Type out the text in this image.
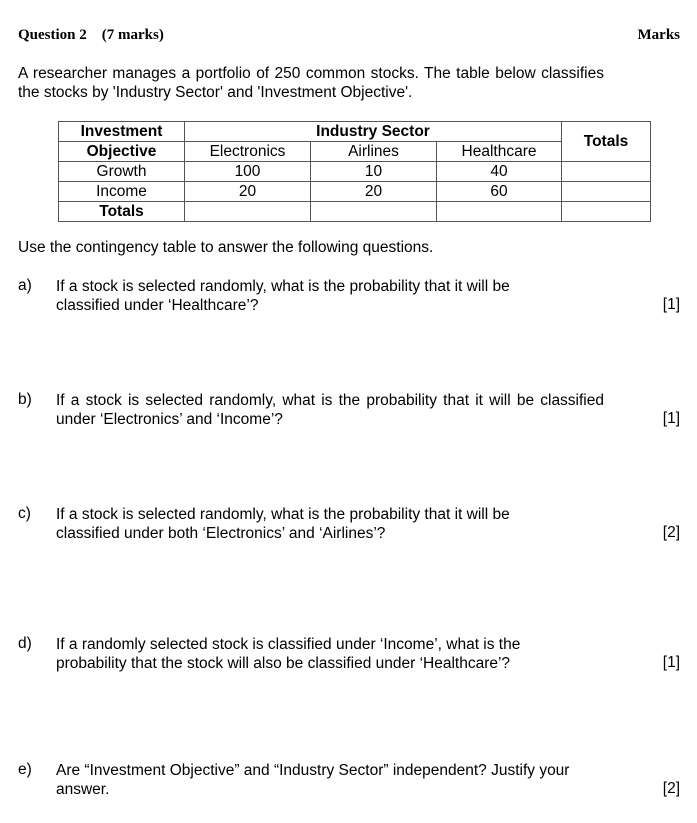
Question 2 (7 marks)	Marks
A researcher manages a portfolio of 250 common stocks. The table below classifies the stocks by 'Industry Sector' and 'Investment Objective'.
Investment	Industry Sector			Totals
Objective	Electronics	Airlines	Healthcare	
Growth	100	10	40	
Income	20	20	60	
Totals				
Use the contingency table to answer the following questions.
a) If a stock is selected randomly, what is the probability that it will be classified under ‘Healthcare’?	[1]
b) If a stock is selected randomly, what is the probability that it will be classified under ‘Electronics’ and ‘Income’?	[1]
c) If a stock is selected randomly, what is the probability that it will be classified under both ‘Electronics’ and ‘Airlines’?	[2]
d) If a randomly selected stock is classified under ‘Income’, what is the probability that the stock will also be classified under ‘Healthcare’?	[1]
e) Are “Investment Objective” and “Industry Sector” independent? Justify your answer.	[2]
